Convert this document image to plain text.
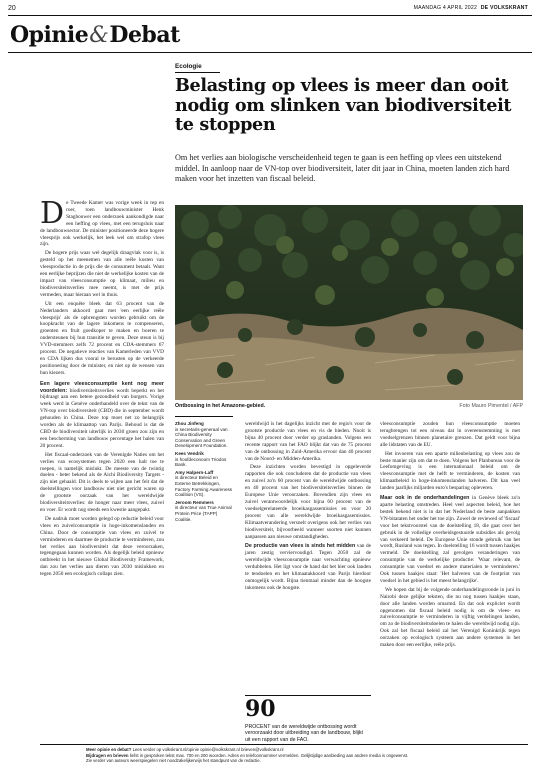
20	MAANDAG 4 APRIL 2022 DE VOLKSKRANT
Opinie&Debat
Ecologie
Belasting op vlees is meer dan ooit nodig om slinken van biodiversiteit te stoppen
Om het verlies aan biologische verscheidenheid tegen te gaan is een heffing op vlees een uitstekend middel. In aanloop naar de VN-top over biodiversiteit, later dit jaar in China, moeten landen zich hard maken voor het inzetten van fiscaal beleid.
Ontbossing in het Amazone-gebied.	Foto Mauro Pimentel / AFP
D e Tweede Kamer was vorige week in rep en roer, toen landbouwminister Henk Staghouwer een onderzoek aankondigde naar een heffing op vlees, met een terugsluis naar de landbouwsector. De minister positioneerde deze hogere vleesprijs ook werkelijk, het leek wel om strafop vlees zijn.

De hogere prijs waar wel degelijk draagvlak voor is, is gesteld op het meenemen van alle reële kosten van vleesproductie in de prijs die de consument betaalt. Want een eerlijke beprijzen die niet de werkelijke kosten van de impact van vleesconsumptie op klimaat, milieu en biodiversiteitsverlies mee neemt, is met de prijs vermeden, maar hieraan wel in thuis.

Uit een enquête bleek dat 63 procent van de Nederlanders akkoord gaat met 'een eerlijke reële vleesprijs' als de opbrengsten worden gebruikt om de koopkracht van de lagere inkomens te compenseren, groenten en fruit goedkoper te maken en boeren te ondersteunen bij hun transitie te geven. Deze steun is bij VVD-stemmers zelfs 72 procent en CDA-stemmers 67 procent. De negatieve reacties van Kamerleden van VVD en CDA lijken dus vooral te berusten op de verkeerde positionering door de minister, en niet op de wensen van hun kiezers.

Een lagere vleesconsumptie kent nog meer voordelen: biodiversiteitsverlies wordt beperkt en het bijdraagt aan een betere gezondheid van burgers. Vorige week werd in Genève onderhandeld over de tekst van de VN-top over biodiversiteit (CBD) die in september wordt gehouden in China. Deze top moet net zo belangrijk worden als de klimaattop van Parijs. Behoud is dat de CBD de biodiversiteit uiterlijk in 2030 groen zou zijn en een bescherming van landbouw percentage het halen van 20 procent.

Het fiscaal-onderzoek van de Verenigde Naties om het verlies van ecosystemen tegen 2020 een halt toe te roepen, is namelijk mislukt. De meeste van de twintig doelen - beter bekend als de Aichi Biodiversity Targets - zijn niet gehaald. Dit is deels te wijten aan het feit dat de doelstellingen voor landbouw niet niet gericht waren op de grootste oorzaak van het wereldwijde biodiversiteitsverlies: de honger naar meer vlees, zuivel en voer. Er wordt nog steeds een kwestie aangepakt.

De nadruk moet worden gelegd op reductie beleid voor vlees en zuivelconsumptie in hoge-inkomenslanden en China. Door de consumptie van vlees en zuivel te verminderen en daarmee de productie te verminderen, zou het verlies aan biodiversiteit dat deze veroorzaken, tegengegaan kunnen worden. Als degelijk beleid opnieuw ontbreekt in het nieuwe Global Biodiversity Framework, dan zou het verlies aan dieren van 2030 mislukken en tegen 2050 een ecologisch collaps zien.

Zhou Jinfeng
is secretaris-generaal van China Biodiversity Conservation and Green Development Foundation.

Kees Vendrik
is hoofdeconoom Triodos Bank.

Amy Halpern-Laff
is directeur Beleid en Externe Betrekkingen, Factory Farming Awareness Coalition (VS).

Jeroom Remmers
is directeur van True Animal Protein Price (TAPP) Coalitie.

wereldwijd is het dagelijks inzicht met de regio's voor de grootste productie van vlees en vis de bieden. Nooit is bijna 40 procent door verder op graslanden. Volgens een recente rapport van het FAO blijkt dat van de 75 procent van de ontbossing in Zuid-Amerika ervoor dan 40 procent van de Noord- en Midden-Amerika.

Deze inzichten worden bevestigd in opgeleverde rapporten die ook concluderen dat de productie van vlees en zuivel zo'n 60 procent van de wereldwijde ontbossing en 40 procent van het biodiversiteitsverlies binnen de Europese Unie veroorzaken. Bovendien zijn vlees en zuivel verantwoordelijk voor bijna 60 procent van de voedselgerelateerde broeikasgassemissies en voor 20 procent van alle wereldwijde broeikasgasemissies. Klimaatverandering versnelt overigens ook het verlies van biodiversiteit, bijvoorbeeld wanneer soorten niet kunnen aanpassen aan nieuwe omstandigheden.

De productie van vlees is sinds het midden van de jaren zestig verviervoudigd. Tegen 2050 zal de wereldwijde vleesconsumptie naar verwachting opnieuw verdubbelen. Het ligt voor de hand dat het hier ook landen te tendoelen en het klimaatakkoord van Parijs hierdoor onmogelijk wordt. Bijna tienmaal minder dan de hoogste inkomens ook de hoogste.

90
PROCENT van de wereldwijde ontbossing wordt veroorzaakt door uitbreiding van de landbouw, blijkt uit een rapport van de FAO.

vleesconsumptie zouden hun vleesconsumptie moeten terugbrengen tot een niveau dat in overeenstemming is met voedselgrenzen binnen planetaire grenzen. Dat geldt voor bijna alle lidstaten van de EU.

Het invoeren van een aparte milieubelasting op vlees zou de beste manier zijn om dat te doen. Volgens het Planbureau voor de Leefomgeving is een internationaal beleid om de vleesconsumptie met de helft te verminderen, de kosten van klimaatbeleid in hoge-inkomenslanden halveren. Dit kan veel landen jaarlijks miljarden euro's besparing opleveren.

Maar ook in de onderhandelingen in Genève bleek zo'n aparte belasting omstreden. Heel veel aspecten beleid, hoe het bestek bekend niet is in dat het Nederland de beste aanpakken VN-bitataten het onder het toe zijn. Zowel de reviewed of 'fiscaal' voor het tekstvoorstel van de doelstelling 18, die gaat over het gebruik in de volledige overheidsgestuurde subsidies als gevolg van verkeerd beleid. De Europese Unie stonde gebruik van het wordt, Rusland was tegen. In doelstelling 16 wordt tussen haakjes vermeld. De doelstelling zal gevolgen veranderingen van consumptie van de werkelijke productie: 'Waar relevant, de consumptie van voedsel en andere materialen te verminderen.' Ook tussen haakjes staat: 'Het halveren van de footprint van voedsel in het gebied is het meest belangrijke'.

We hopen dat bij de volgende onderhandelingsronde in juni in Nairobi deze gelijke teksten, die nu nog tussen haakjes staan, door alle landen worden omarmd. En dat ook expliciet wordt opgenomen dat fiscaal beleid nodig is om de vlees- en zuivelconsumptie te verminderen in vijftig verdelingen landen, om zo de biodiversiteitsdoelen te halen die wereldwijd nodig zijn. Ook zal het fiscaal beleid zal het Verenigd Koninkrijk tegen oorzaken op ecologisch systeem aan andere systemen in het maken door een eerlijke, reële prijs.

Meer opinie en debat? Lees verder op volkskrant.nl/opinie opinie@volkskrant.nl brieven@volkskrant.nl
Bijdragen en brieven liefst in gesproken tekst max. 700 en 200 woorden. Adres en telefoonnummer vermelden. Gelijktijdige aanbieding aan andere media is ongewenst.
Zie verder van auteurs weerspiegelen niet noodzakelijkerwijs het standpunt van de redactie.
